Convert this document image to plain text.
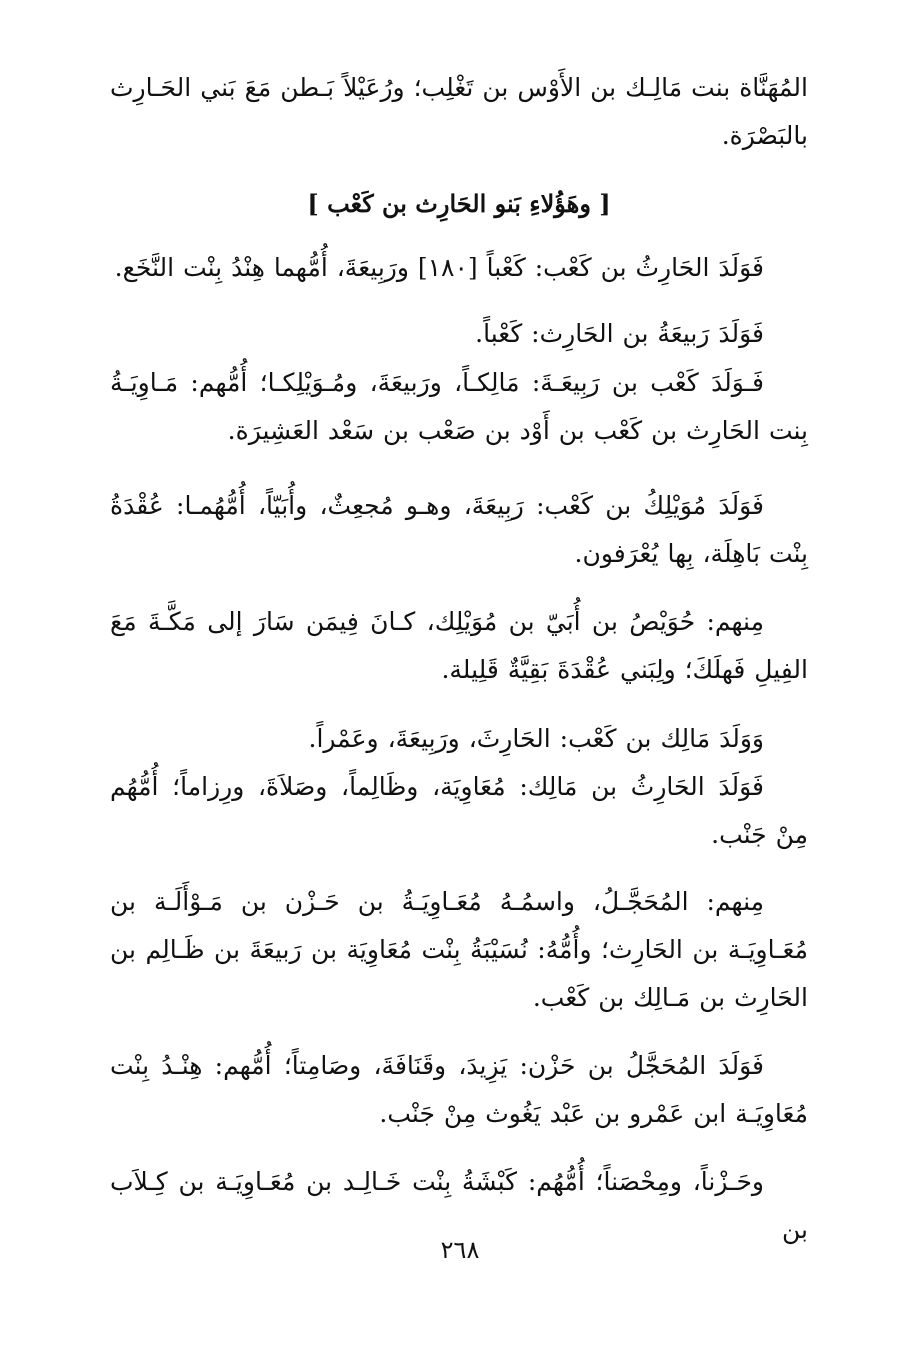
المُهَنَّاة بنت مَالِـك بن الأَوْس بن تَغْلِب؛ ورُعَيْلاً بَـطن مَعَ بَني الحَـارِث بالبَصْرَة.
[ وهَؤُلاءِ بَنو الحَارِث بن كَعْب ]
فَوَلَدَ الحَارِثُ بن كَعْب: كَعْباً [١٨٠] ورَبِيعَةَ، أُمُّهما هِنْدُ بِنْت النَّخَع.
فَوَلَدَ رَبيعَةُ بن الحَارِث: كَعْباً.
فَـوَلَدَ كَعْب بن رَبِيعَـةَ: مَالِكـاً، ورَبيعَةَ، ومُـوَيْلِكـا؛ أُمُّهم: مَـاوِيَـةُ بِنت الحَارِث بن كَعْب بن أَوْد بن صَعْب بن سَعْد العَشِيرَة.
فَوَلَدَ مُوَيْلِكُ بن كَعْب: رَبِيعَةَ، وهـو مُجعِثٌ، وأُبَيّاً، أُمُّهُمـا: عُقْدَةُ بِنْت بَاهِلَة، بِها يُعْرَفون.
مِنهم: حُوَيْصُ بن أُبَيّ بن مُوَيْلِك، كـانَ فِيمَن سَارَ إلى مَكَّـةَ مَعَ الفِيلِ فَهلَكَ؛ ولِبَني عُقْدَةَ بَقِيَّةٌ قَلِيلة.
وَوَلَدَ مَالِك بن كَعْب: الحَارِثَ، ورَبِيعَةَ، وعَمْراً.
فَوَلَدَ الحَارِثُ بن مَالِك: مُعَاوِيَة، وظَالِماً، وصَلاَةَ، ورِزاماً؛ أُمُّهُم مِنْ جَنْب.
مِنهم: المُحَجَّـلُ، واسمُـهُ مُعَـاوِيَـةُ بن حَـزْن بن مَـوْأَلَـة بن مُعَـاوِيَـة بن الحَارِث؛ وأُمُّهُ: نُسَيْبَةُ بِنْت مُعَاوِيَة بن رَبيعَةَ بن ظَـالِم بن الحَارِث بن مَـالِك بن كَعْب.
فَوَلَدَ المُحَجَّلُ بن حَزْن: يَزِيدَ، وقَنَافَةَ، وصَامِتاً؛ أُمُّهم: هِنْـدُ بِنْت مُعَاوِيَـة ابن عَمْرو بن عَبْد يَغُوث مِنْ جَنْب.
وحَـزْناً، ومِحْصَناً؛ أُمُّهُم: كَبْشَةُ بِنْت خَـالِـد بن مُعَـاوِيَـة بن كِـلاَب بن
٢٦٨
